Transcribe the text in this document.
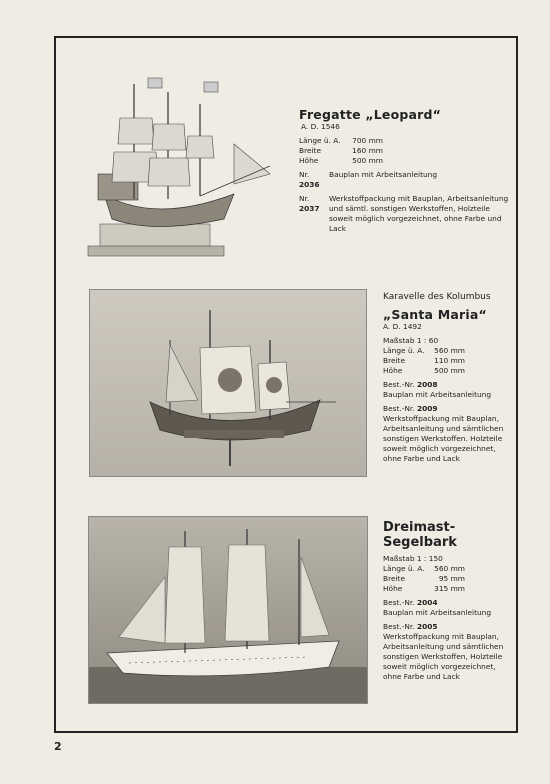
Fregatte „Leopard“
A. D. 1546
Länge ü. A.	700 mm
Breite	160 mm
Höhe	500 mm
Nr. 2036
Bauplan mit Arbeitsanleitung
Nr. 2037
Werkstoffpackung mit Bauplan, Arbeitsanleitung und sämtl. sonstigen Werkstoffen, Holzteile soweit möglich vorgezeichnet, ohne Farbe und Lack
Karavelle des Kolumbus
„Santa Maria“
A. D. 1492
Maßstab 1 : 60
Länge ü. A.	560 mm
Breite	110 mm
Höhe	500 mm
Best.-Nr. 2008
Bauplan mit Arbeitsanleitung
Best.-Nr. 2009
Werkstoffpackung mit Bauplan, Arbeitsanleitung und sämtlichen sonstigen Werkstoffen. Holzteile soweit möglich vorgezeichnet, ohne Farbe und Lack
Dreimast-
Segelbark
Maßstab 1 : 150
Länge ü. A.	560 mm
Breite	95 mm
Höhe	315 mm
Best.-Nr. 2004
Bauplan mit Arbeitsanleitung
Best.-Nr. 2005
Werkstoffpackung mit Bauplan, Arbeitsanleitung und sämtlichen sonstigen Werkstoffen, Holzteile soweit möglich vorgezeichnet, ohne Farbe und Lack
2
